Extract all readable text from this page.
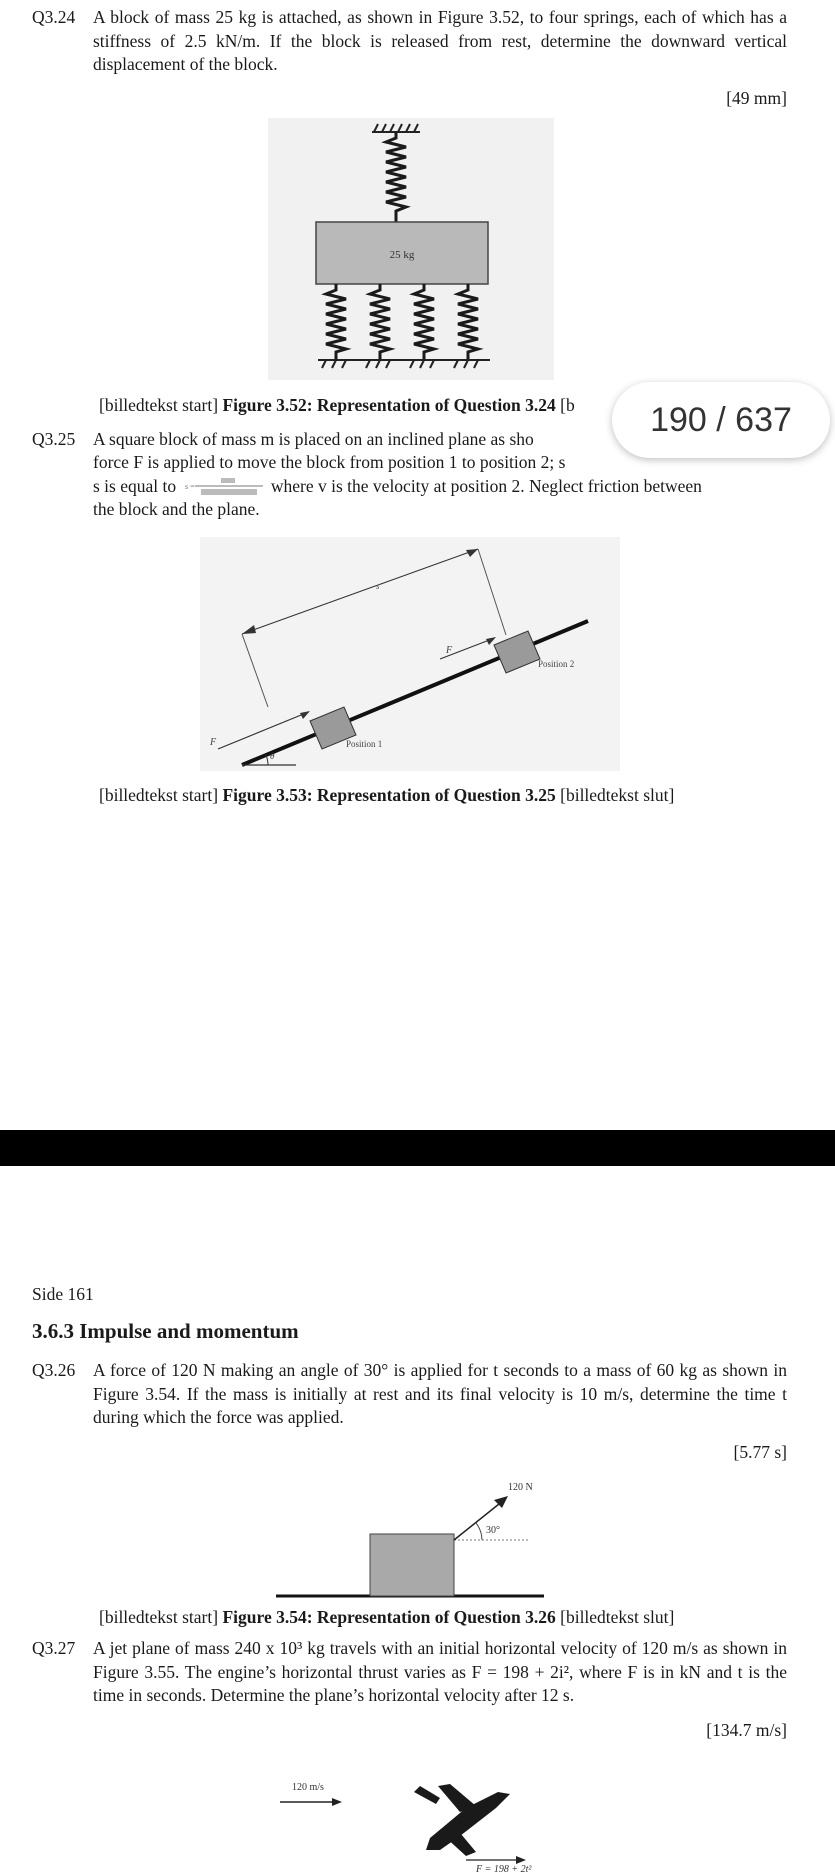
Q3.24 A block of mass 25 kg is attached, as shown in Figure 3.52, to four springs, each of which has a stiffness of 2.5 kN/m. If the block is released from rest, determine the downward vertical displacement of the block.
[49 mm]
25 kg
[billedtekst start] Figure 3.52: Representation of Question 3.24 [b
Q3.25 A square block of mass m is placed on an inclined plane as sho
force F is applied to move the block from position 1 to position 2; s
s is equal to s =	where v is the velocity at position 2. Neglect friction between
the block and the plane.
s
F
F
θ
Position 1
Position 2
[billedtekst start] Figure 3.53: Representation of Question 3.25 [billedtekst slut]
190 / 637
Side 161
3.6.3 Impulse and momentum
Q3.26 A force of 120 N making an angle of 30° is applied for t seconds to a mass of 60 kg as shown in Figure 3.54. If the mass is initially at rest and its final velocity is 10 m/s, determine the time t during which the force was applied.
[5.77 s]
120 N
30°
[billedtekst start] Figure 3.54: Representation of Question 3.26 [billedtekst slut]
Q3.27 A jet plane of mass 240 x 10³ kg travels with an initial horizontal velocity of 120 m/s as shown in Figure 3.55. The engine’s horizontal thrust varies as F = 198 + 2i², where F is in kN and t is the time in seconds. Determine the plane’s horizontal velocity after 12 s.
[134.7 m/s]
120 m/s
F = 198 + 2t²
